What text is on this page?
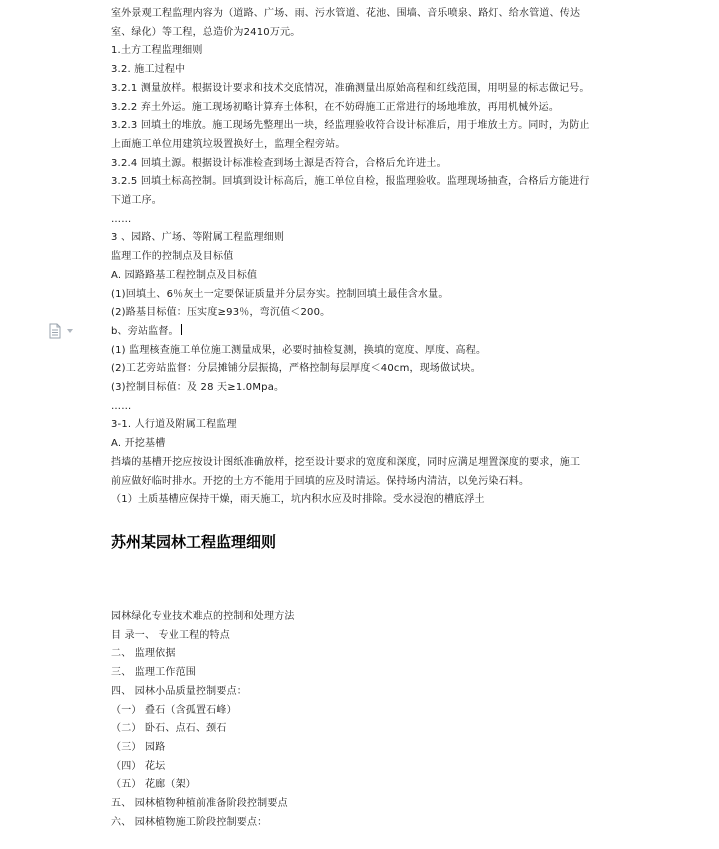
室外景观工程监理内容为（道路、广场、雨、污水管道、花池、围墙、音乐喷泉、路灯、给水管道、传达
室、绿化）等工程，总造价为2410万元。
1.土方工程监理细则
3.2. 施工过程中
3.2.1 测量放样。根据设计要求和技术交底情况，准确测量出原始高程和红线范围，用明显的标志做记号。
3.2.2 弃土外运。施工现场初略计算弃土体积，在不妨碍施工正常进行的场地堆放，再用机械外运。
3.2.3 回填土的堆放。施工现场先整理出一块，经监理验收符合设计标准后，用于堆放土方。同时，为防止
上面施工单位用建筑垃圾置换好土，监理全程旁站。
3.2.4 回填土源。根据设计标准检查到场土源是否符合，合格后允许进土。
3.2.5 回填土标高控制。回填到设计标高后，施工单位自检，报监理验收。监理现场抽查，合格后方能进行
下道工序。
……
3 、园路、广场、等附属工程监理细则
监理工作的控制点及目标值
A. 园路路基工程控制点及目标值
(1)回填土、6％灰土一定要保证质量并分层夯实。控制回填土最佳含水量。
(2)路基目标值：压实度≥93％，弯沉值＜200。
b、旁站监督。
(1) 监理核查施工单位施工测量成果，必要时抽检复测，换填的宽度、厚度、高程。
(2)工艺旁站监督：分层摊铺分层振捣，严格控制每层厚度＜40cm，现场做试块。
(3)控制目标值：及 28 天≥1.0Mpa。
……
3-1. 人行道及附属工程监理
A. 开挖基槽
挡墙的基槽开挖应按设计图纸准确放样，挖至设计要求的宽度和深度，同时应满足埋置深度的要求，施工
前应做好临时排水。开挖的土方不能用于回填的应及时清运。保持场内清洁，以免污染石料。
（1）土质基槽应保持干燥，雨天施工，坑内积水应及时排除。受水浸泡的槽底浮土
苏州某园林工程监理细则
园林绿化专业技术难点的控制和处理方法
目 录一、 专业工程的特点
二、 监理依据
三、 监理工作范围
四、 园林小品质量控制要点：
（一） 叠石（含孤置石峰）
（二） 卧石、点石、颈石
（三） 园路
（四） 花坛
（五） 花廊（架）
五、 园林植物种植前准备阶段控制要点
六、 园林植物施工阶段控制要点：
